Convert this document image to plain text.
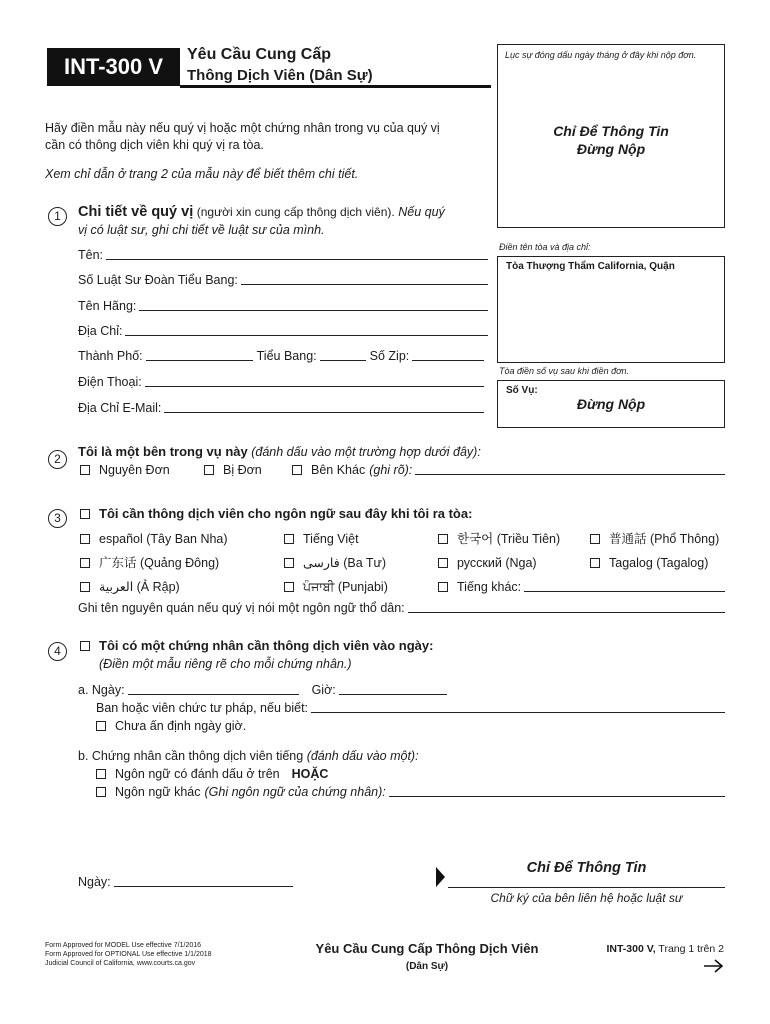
INT-300 V	Yêu Cầu Cung Cấp
Thông Dịch Viên (Dân Sự)
Lục sự đóng dấu ngày tháng ở đây khi nộp đơn.
Chỉ Để Thông Tin
Đừng Nộp
Hãy điền mẫu này nếu quý vị hoặc một chứng nhân trong vụ của quý vị
cần có thông dịch viên khi quý vị ra tòa.
Xem chỉ dẫn ở trang 2 của mẫu này để biết thêm chi tiết.
Điền tên tòa và địa chỉ:
Tòa Thượng Thẩm California, Quận
Tòa điền số vụ sau khi điền đơn.
Số Vụ:
Đừng Nộp
1	Chi tiết về quý vị (người xin cung cấp thông dịch viên). Nếu quý
vị có luật sư, ghi chi tiết về luật sư của mình.
Tên:
Số Luật Sư Đoàn Tiểu Bang:
Tên Hãng:
Địa Chỉ:
Thành Phố:	Tiểu Bang:	Số Zip:
Điện Thoại:
Địa Chỉ E-Mail:
2	Tôi là một bên trong vụ này (đánh dấu vào một trường hợp dưới đây):
Nguyên Đơn	Bị Đơn	Bên Khác (ghi rõ):
3	Tôi cần thông dịch viên cho ngôn ngữ sau đây khi tôi ra tòa:
español (Tây Ban Nha)	Tiếng Việt	한국어 (Triều Tiên)	普通話 (Phổ Thông)
广东话 (Quảng Đông)	فارسی (Ba Tư)	русский (Nga)	Tagalog (Tagalog)
العربية (Ả Rập)	ਪੰਜਾਬੀ (Punjabi)	Tiếng khác:
Ghi tên nguyên quán nếu quý vị nói một ngôn ngữ thổ dân:
4	Tôi có một chứng nhân cần thông dịch viên vào ngày:
(Điền một mẫu riêng rẽ cho mỗi chứng nhân.)
a. Ngày:	Giờ:
Ban hoặc viên chức tư pháp, nếu biết:
Chưa ấn định ngày giờ.
b. Chứng nhân cần thông dịch viên tiếng (đánh dấu vào một):
Ngôn ngữ có đánh dấu ở trên HOẶC
Ngôn ngữ khác (Ghi ngôn ngữ của chứng nhân):
Ngày:
Chỉ Để Thông Tin
Chữ ký của bên liên hệ hoặc luật sư
Form Approved for MODEL Use effective 7/1/2016
Form Approved for OPTIONAL Use effective 1/1/2018
Judicial Council of California, www.courts.ca.gov
Yêu Cầu Cung Cấp Thông Dịch Viên
(Dân Sự)
INT-300 V, Trang 1 trên 2
